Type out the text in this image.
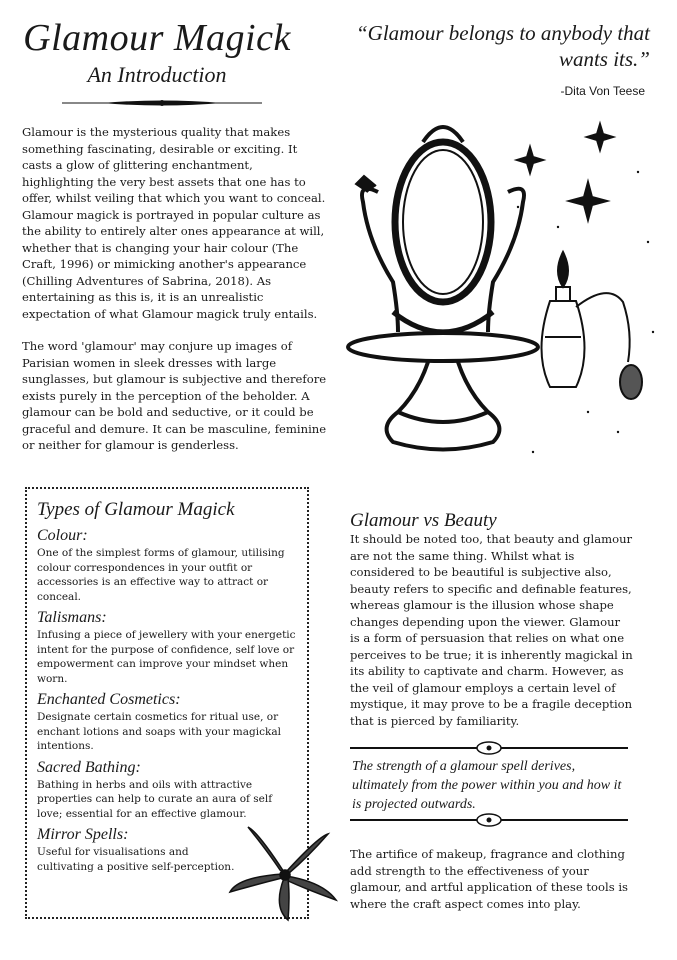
Glamour Magick
An Introduction
“Glamour belongs to anybody that wants its.”
-Dita Von Teese

Glamour is the mysterious quality that makes something fascinating, desirable or exciting. It casts a glow of glittering enchantment, highlighting the very best assets that one has to offer, whilst veiling that which you want to conceal. Glamour magick is portrayed in popular culture as the ability to entirely alter ones appearance at will, whether that is changing your hair colour (The Craft, 1996) or mimicking another's appearance (Chilling Adventures of Sabrina, 2018). As entertaining as this is, it is an unrealistic expectation of what Glamour magick truly entails.

The word 'glamour' may conjure up images of Parisian women in sleek dresses with large sunglasses, but glamour is subjective and therefore exists purely in the perception of the beholder. A glamour can be bold and seductive, or it could be graceful and demure. It can be masculine, feminine or neither for glamour is genderless.

Types of Glamour Magick
Colour:
One of the simplest forms of glamour, utilising colour correspondences in your outfit or accessories is an effective way to attract or conceal.
Talismans:
Infusing a piece of jewellery with your energetic intent for the purpose of confidence, self love or empowerment can improve your mindset when worn.
Enchanted Cosmetics:
Designate certain cosmetics for ritual use, or enchant lotions and soaps with your magickal intentions.
Sacred Bathing:
Bathing in herbs and oils with attractive properties can help to curate an aura of self love; essential for an effective glamour.
Mirror Spells:
Useful for visualisations and cultivating a positive self-perception.
Glamour vs Beauty

It should be noted too, that beauty and glamour are not the same thing. Whilst what is considered to be beautiful is subjective also, beauty refers to specific and definable features, whereas glamour is the illusion whose shape changes depending upon the viewer. Glamour is a form of persuasion that relies on what one perceives to be true; it is inherently magickal in its ability to captivate and charm. However, as the veil of glamour employs a certain level of mystique, it may prove to be a fragile deception that is pierced by familiarity.

The strength of a glamour spell derives, ultimately from the power within you and how it is projected outwards.

The artifice of makeup, fragrance and clothing add strength to the effectiveness of your glamour, and artful application of these tools is where the craft aspect comes into play.
